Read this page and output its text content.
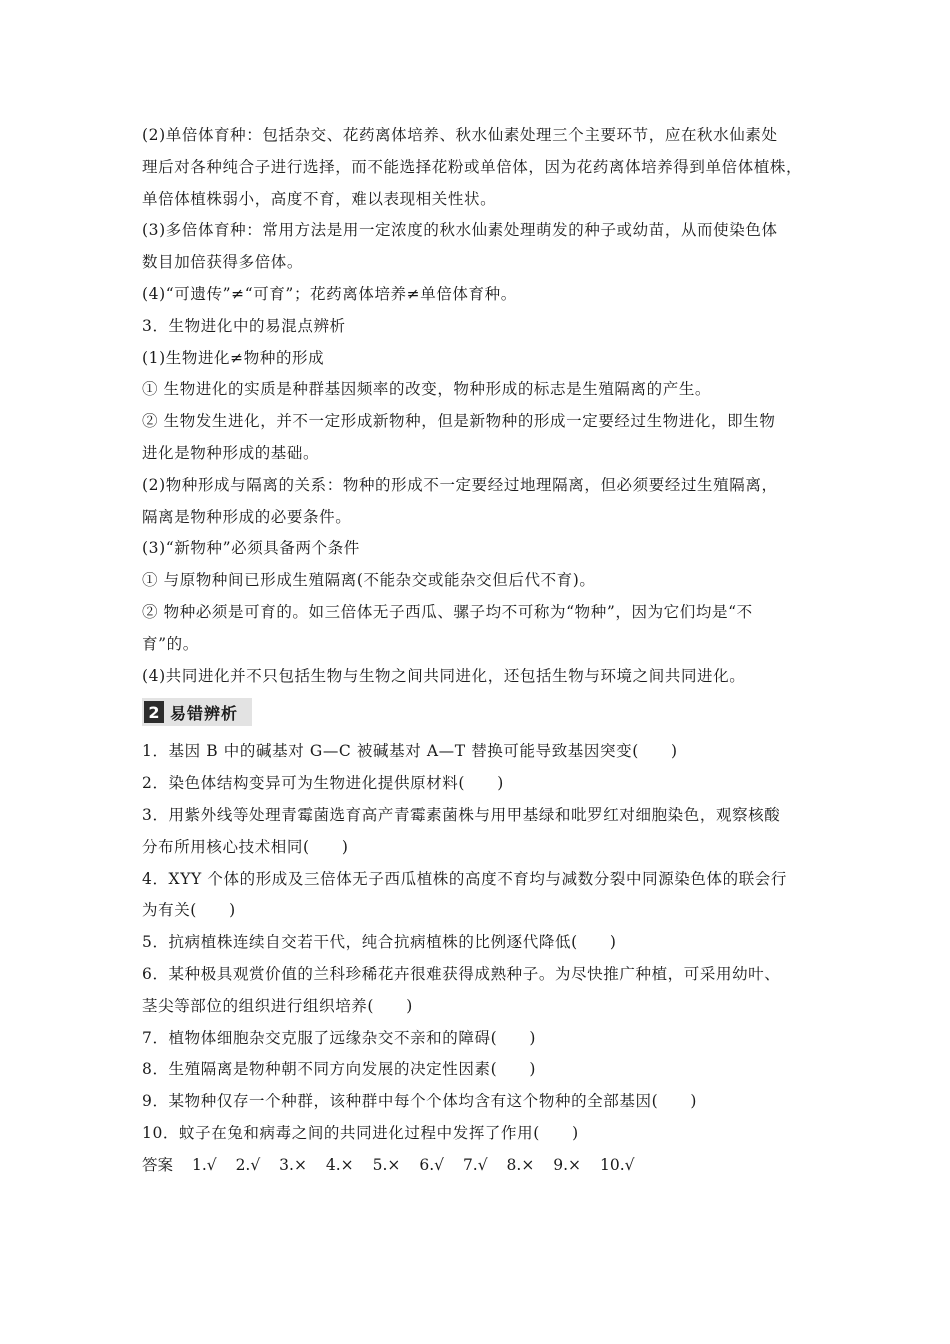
(2)单倍体育种：包括杂交、花药离体培养、秋水仙素处理三个主要环节，应在秋水仙素处
理后对各种纯合子进行选择，而不能选择花粉或单倍体，因为花药离体培养得到单倍体植株，
单倍体植株弱小，高度不育，难以表现相关性状。
(3)多倍体育种：常用方法是用一定浓度的秋水仙素处理萌发的种子或幼苗，从而使染色体
数目加倍获得多倍体。
(4)“可遗传”≠“可育”；花药离体培养≠单倍体育种。
3．生物进化中的易混点辨析
(1)生物进化≠物种的形成
① 生物进化的实质是种群基因频率的改变，物种形成的标志是生殖隔离的产生。
② 生物发生进化，并不一定形成新物种，但是新物种的形成一定要经过生物进化，即生物
进化是物种形成的基础。
(2)物种形成与隔离的关系：物种的形成不一定要经过地理隔离，但必须要经过生殖隔离，
隔离是物种形成的必要条件。
(3)“新物种”必须具备两个条件
① 与原物种间已形成生殖隔离(不能杂交或能杂交但后代不育)。
② 物种必须是可育的。如三倍体无子西瓜、骡子均不可称为“物种”，因为它们均是“不
育”的。
(4)共同进化并不只包括生物与生物之间共同进化，还包括生物与环境之间共同进化。
2 易错辨析
1．基因 B 中的碱基对 G—C 被碱基对 A—T 替换可能导致基因突变(　　)
2．染色体结构变异可为生物进化提供原材料(　　)
3．用紫外线等处理青霉菌选育高产青霉素菌株与用甲基绿和吡罗红对细胞染色，观察核酸
分布所用核心技术相同(　　)
4．XYY 个体的形成及三倍体无子西瓜植株的高度不育均与减数分裂中同源染色体的联会行
为有关(　　)
5．抗病植株连续自交若干代，纯合抗病植株的比例逐代降低(　　)
6．某种极具观赏价值的兰科珍稀花卉很难获得成熟种子。为尽快推广种植，可采用幼叶、
茎尖等部位的组织进行组织培养(　　)
7．植物体细胞杂交克服了远缘杂交不亲和的障碍(　　)
8．生殖隔离是物种朝不同方向发展的决定性因素(　　)
9．某物种仅存一个种群，该种群中每个个体均含有这个物种的全部基因(　　)
10．蚊子在兔和病毒之间的共同进化过程中发挥了作用(　　)
答案 1.√ 2.√ 3.× 4.× 5.× 6.√ 7.√ 8.× 9.× 10.√
